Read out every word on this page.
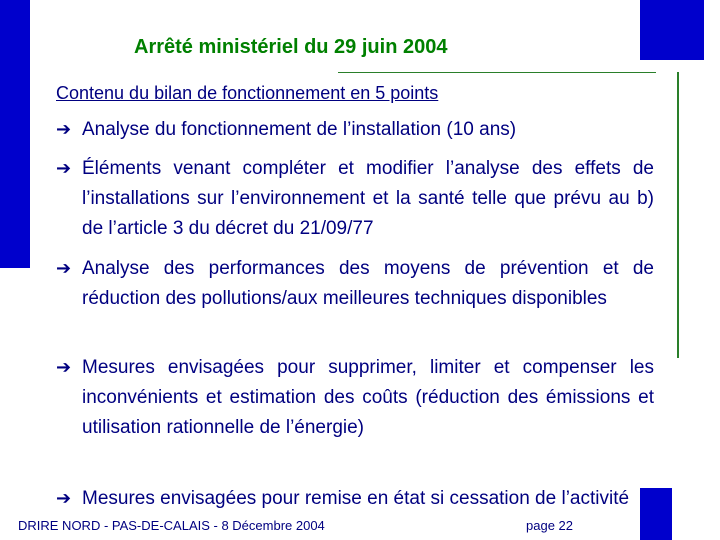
Arrêté ministériel du 29 juin 2004
Contenu du bilan de fonctionnement en 5 points
➔ Analyse du fonctionnement de l’installation (10 ans)
➔ Éléments venant compléter et modifier l’analyse des effets de l’installations sur l’environnement et la santé telle que prévu au b) de l’article 3 du décret du 21/09/77
➔ Analyse des performances des moyens de prévention et de réduction des pollutions/aux meilleures techniques disponibles
➔ Mesures envisagées pour supprimer, limiter et compenser les inconvénients et estimation des coûts (réduction des émissions et utilisation rationnelle de l’énergie)
➔ Mesures envisagées pour remise en état si cessation de l’activité
DRIRE NORD - PAS-DE-CALAIS - 8 Décembre 2004	page 22
